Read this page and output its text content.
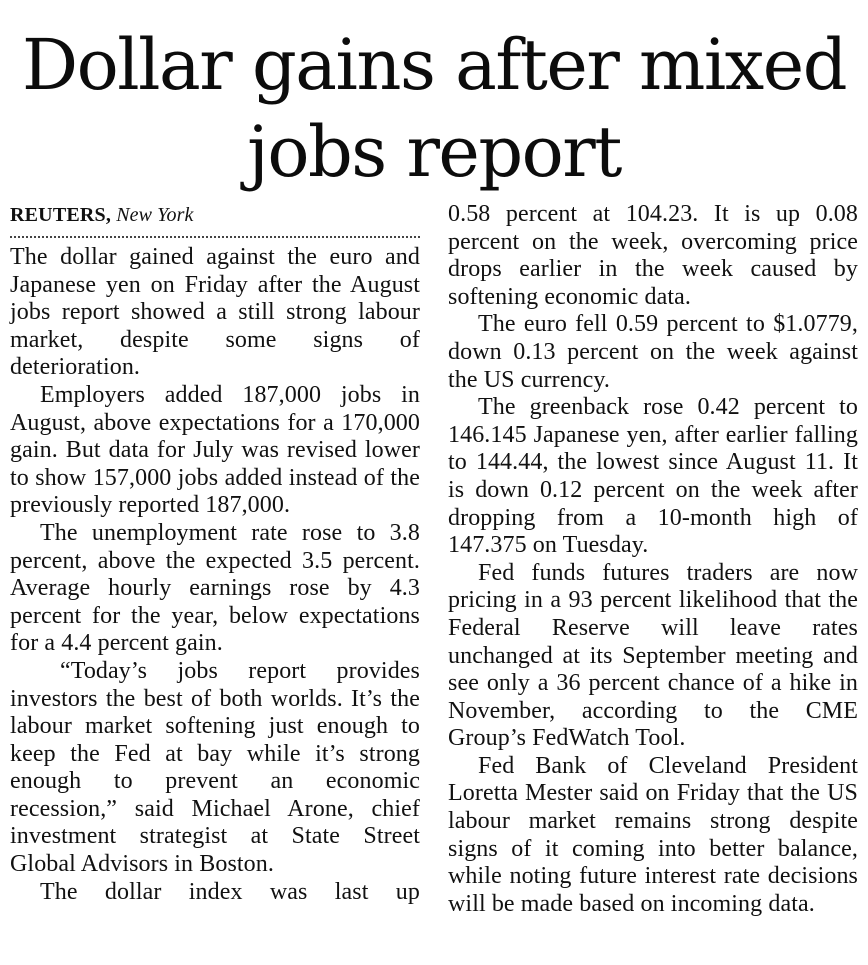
Dollar gains after mixed jobs report
REUTERS, New York

The dollar gained against the euro and Japanese yen on Friday after the August jobs report showed a still strong labour market, despite some signs of deterioration.

Employers added 187,000 jobs in August, above expectations for a 170,000 gain. But data for July was revised lower to show 157,000 jobs added instead of the previously reported 187,000.

The unemployment rate rose to 3.8 percent, above the expected 3.5 percent. Average hourly earnings rose by 4.3 percent for the year, below expectations for a 4.4 percent gain.

“Today’s jobs report provides investors the best of both worlds. It’s the labour market softening just enough to keep the Fed at bay while it’s strong enough to prevent an economic recession,” said Michael Arone, chief investment strategist at State Street Global Advisors in Boston.

The dollar index was last up

0.58 percent at 104.23. It is up 0.08 percent on the week, overcoming price drops earlier in the week caused by softening economic data.

The euro fell 0.59 percent to $1.0779, down 0.13 percent on the week against the US currency.

The greenback rose 0.42 percent to 146.145 Japanese yen, after earlier falling to 144.44, the lowest since August 11. It is down 0.12 percent on the week after dropping from a 10-month high of 147.375 on Tuesday.

Fed funds futures traders are now pricing in a 93 percent likelihood that the Federal Reserve will leave rates unchanged at its September meeting and see only a 36 percent chance of a hike in November, according to the CME Group’s FedWatch Tool.

Fed Bank of Cleveland President Loretta Mester said on Friday that the US labour market remains strong despite signs of it coming into better balance, while noting future interest rate decisions will be made based on incoming data.
